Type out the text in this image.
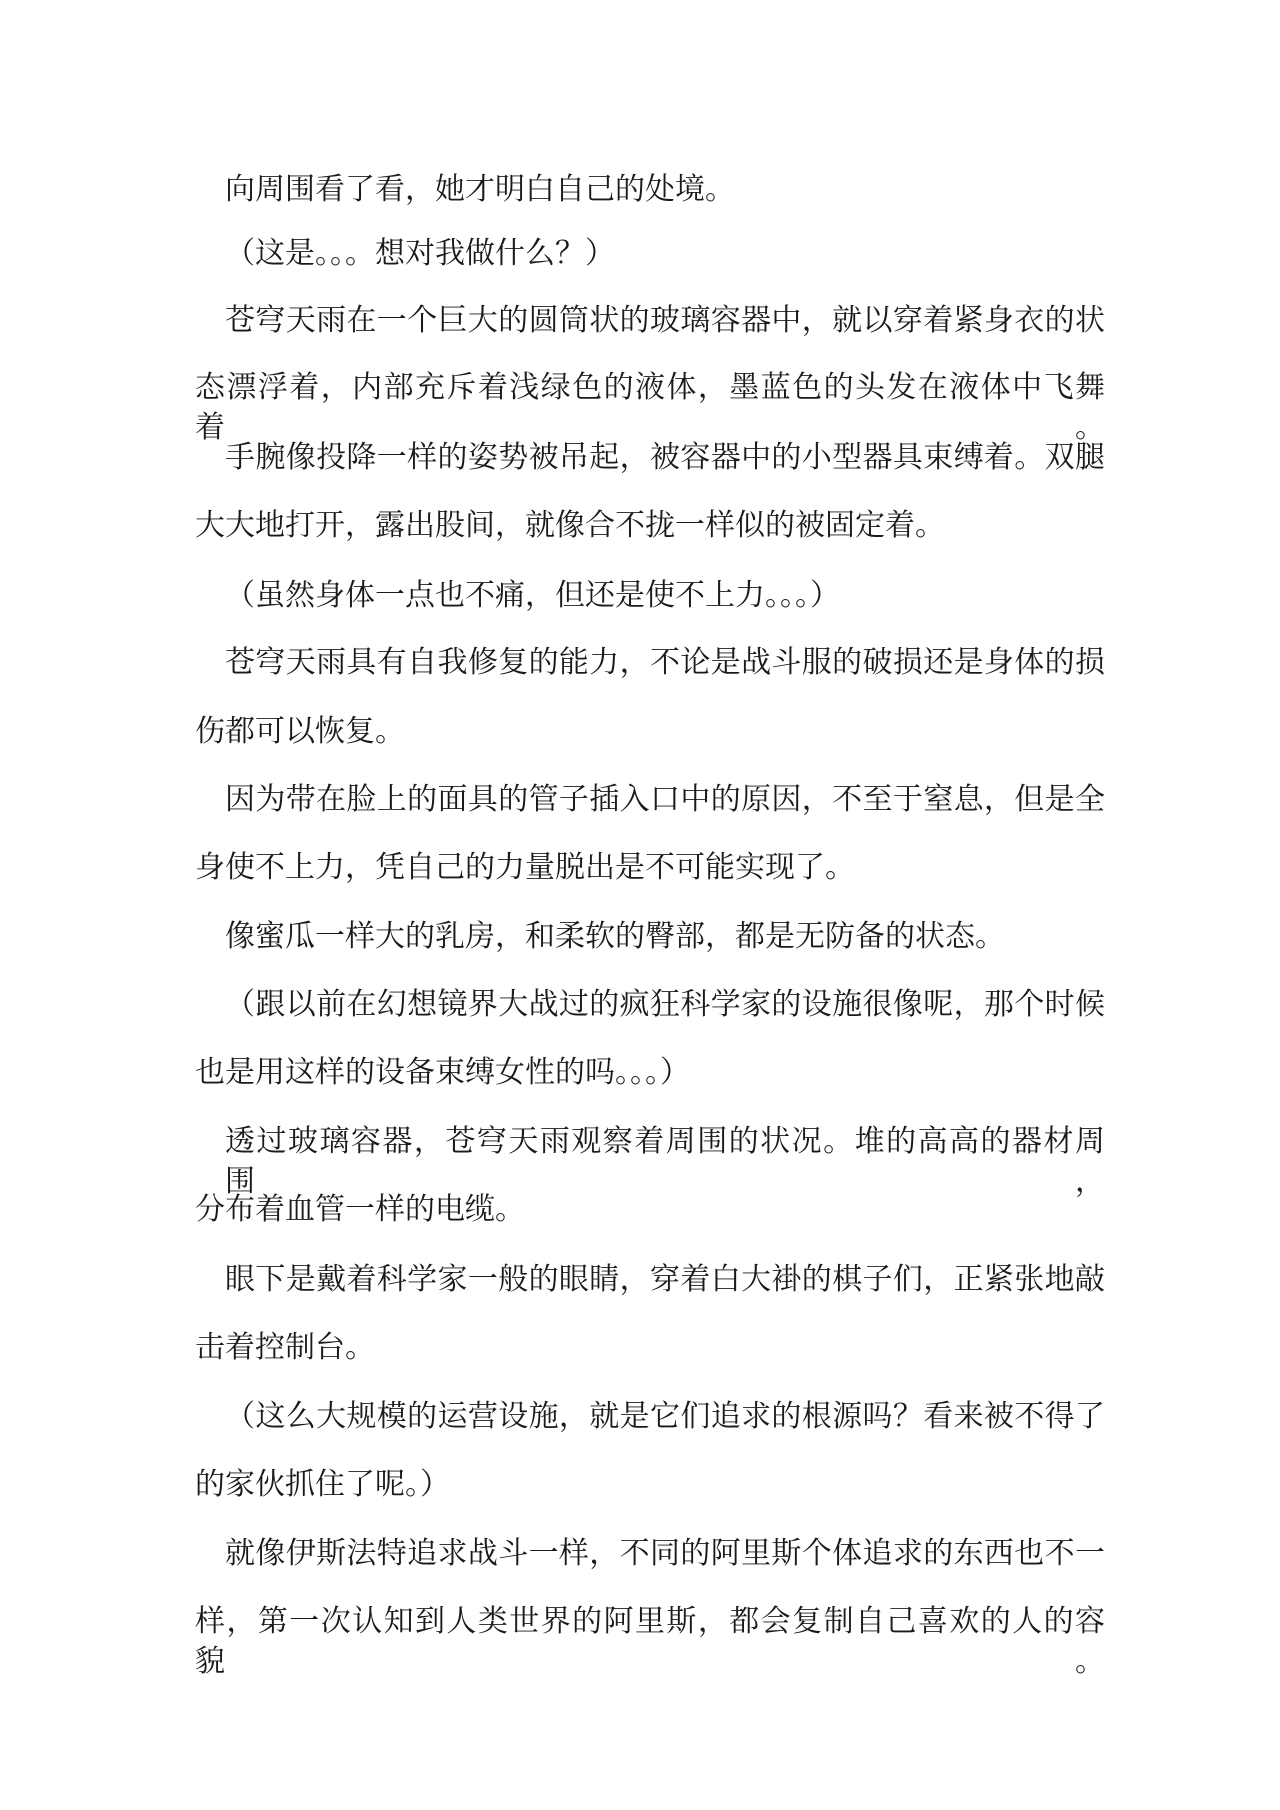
向周围看了看，她才明白自己的处境。

（这是。。。想对我做什么？）

苍穹天雨在一个巨大的圆筒状的玻璃容器中，就以穿着紧身衣的状

态漂浮着，内部充斥着浅绿色的液体，墨蓝色的头发在液体中飞舞着。

手腕像投降一样的姿势被吊起，被容器中的小型器具束缚着。双腿

大大地打开，露出股间，就像合不拢一样似的被固定着。

（虽然身体一点也不痛，但还是使不上力。。。）

苍穹天雨具有自我修复的能力，不论是战斗服的破损还是身体的损

伤都可以恢复。

因为带在脸上的面具的管子插入口中的原因，不至于窒息，但是全

身使不上力，凭自己的力量脱出是不可能实现了。

像蜜瓜一样大的乳房，和柔软的臀部，都是无防备的状态。

（跟以前在幻想镜界大战过的疯狂科学家的设施很像呢，那个时候

也是用这样的设备束缚女性的吗。。。）

透过玻璃容器，苍穹天雨观察着周围的状况。堆的高高的器材周围，

分布着血管一样的电缆。

眼下是戴着科学家一般的眼睛，穿着白大褂的棋子们，正紧张地敲

击着控制台。

（这么大规模的运营设施，就是它们追求的根源吗？看来被不得了

的家伙抓住了呢。）

就像伊斯法特追求战斗一样，不同的阿里斯个体追求的东西也不一

样，第一次认知到人类世界的阿里斯，都会复制自己喜欢的人的容貌。
